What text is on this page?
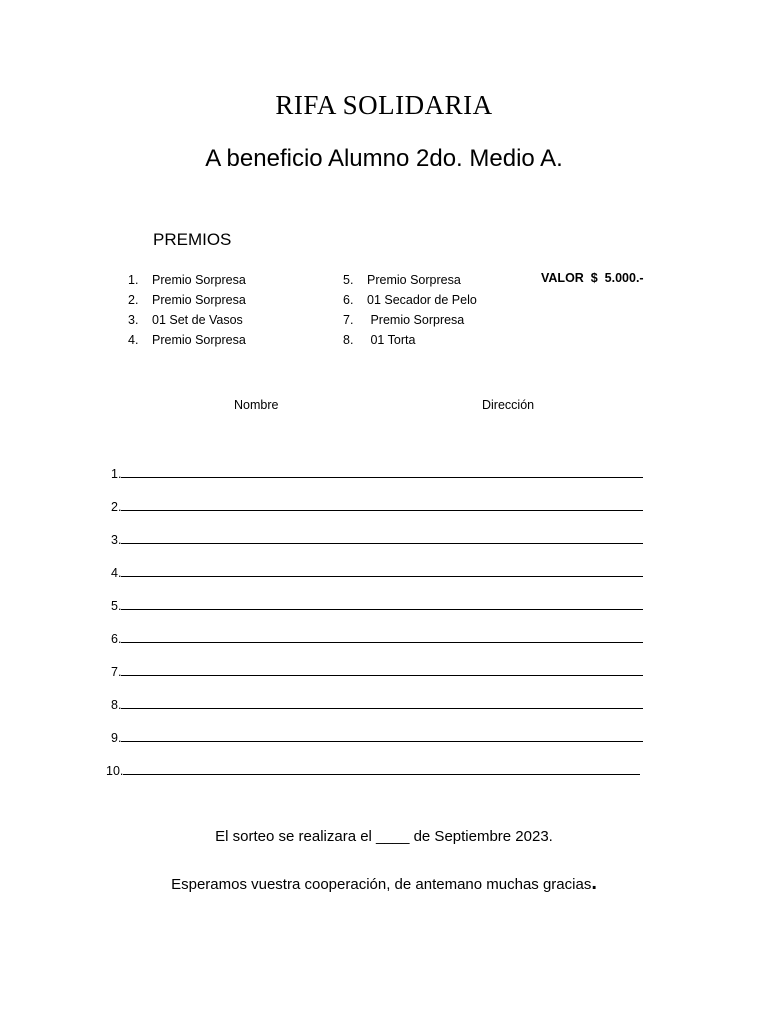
RIFA SOLIDARIA
A beneficio Alumno 2do. Medio A.
PREMIOS
1. Premio Sorpresa
2. Premio Sorpresa
3. 01 Set de Vasos
4. Premio Sorpresa
5. Premio Sorpresa
6. 01 Secador de Pelo
7. Premio Sorpresa
8. 01 Torta
VALOR  $  5.000.-
Nombre	Dirección
1.
2.
3.
4.
5.
6.
7.
8.
9.
10.
El sorteo se realizara el ____ de Septiembre 2023.
Esperamos vuestra cooperación, de antemano muchas gracias.
